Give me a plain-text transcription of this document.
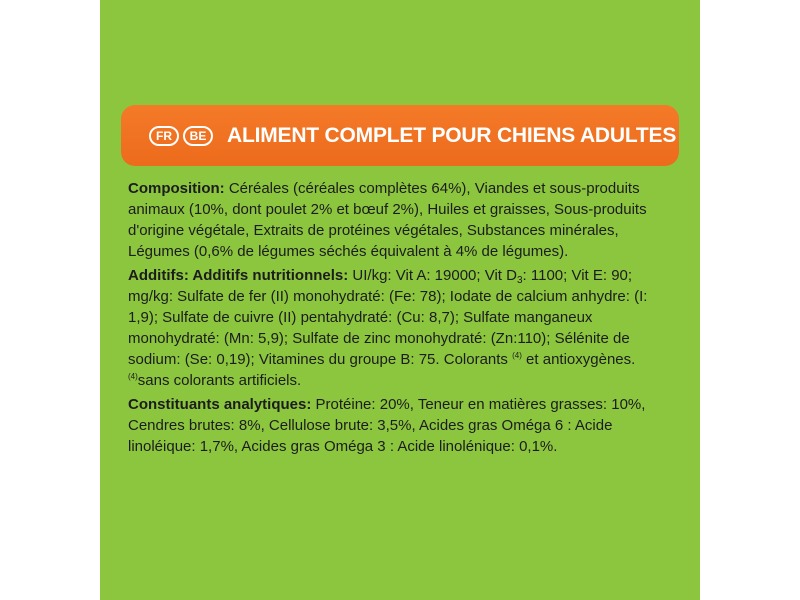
FR	BE ALIMENT COMPLET POUR CHIENS ADULTES

Composition: Céréales (céréales complètes 64%), Viandes et sous-produits animaux (10%, dont poulet 2% et bœuf 2%), Huiles et graisses, Sous-produits d'origine végétale, Extraits de protéines végétales, Substances minérales, Légumes (0,6% de légumes séchés équivalent à 4% de légumes).

Additifs: Additifs nutritionnels: UI/kg: Vit A: 19000; Vit $D_3$: 1100; Vit E: 90; mg/kg: Sulfate de fer (II) monohydraté: (Fe: 78); Iodate de calcium anhydre: (I: 1,9); Sulfate de cuivre (II) pentahydraté: (Cu: 8,7); Sulfate manganeux monohydraté: (Mn: 5,9); Sulfate de zinc monohydraté: (Zn:110); Sélénite de sodium: (Se: 0,19); Vitamines du groupe B: 75. Colorants $^{(4)}$ et antioxygènes. $^{(4)}$sans colorants artificiels.

Constituants analytiques: Protéine: 20%, Teneur en matières grasses: 10%, Cendres brutes: 8%, Cellulose brute: 3,5%, Acides gras Oméga 6 : Acide linoléique: 1,7%, Acides gras Oméga 3 : Acide linolénique: 0,1%.
